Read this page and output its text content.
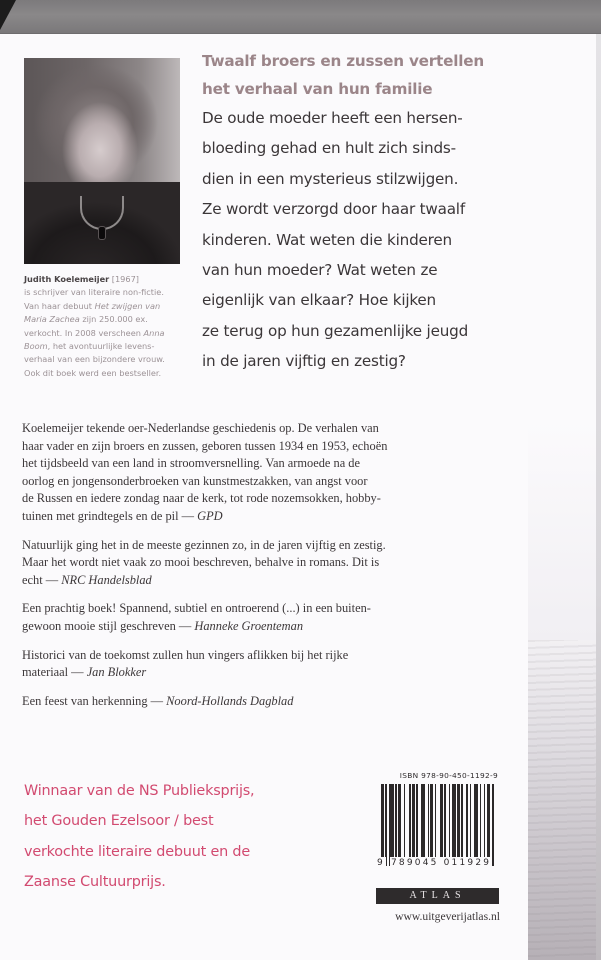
Judith Koelemeijer [1967]
is schrijver van literaire non-fictie.
Van haar debuut Het zwijgen van
Maria Zachea zijn 250.000 ex.
verkocht. In 2008 verscheen Anna
Boom, het avontuurlijke levens-
verhaal van een bijzondere vrouw.
Ook dit boek werd een bestseller.
Twaalf broers en zussen vertellen
het verhaal van hun familie
De oude moeder heeft een hersen-
bloeding gehad en hult zich sinds-
dien in een mysterieus stilzwijgen.
Ze wordt verzorgd door haar twaalf
kinderen. Wat weten die kinderen
van hun moeder? Wat weten ze
eigenlijk van elkaar? Hoe kijken
ze terug op hun gezamenlijke jeugd
in de jaren vijftig en zestig?
Koelemeijer tekende oer-Nederlandse geschiedenis op. De verhalen van
haar vader en zijn broers en zussen, geboren tussen 1934 en 1953, echoën
het tijdsbeeld van een land in stroomversnelling. Van armoede na de
oorlog en jongensonderbroeken van kunstmestzakken, van angst voor
de Russen en iedere zondag naar de kerk, tot rode nozemsokken, hobby-
tuinen met grindtegels en de pil — GPD
Natuurlijk ging het in de meeste gezinnen zo, in de jaren vijftig en zestig.
Maar het wordt niet vaak zo mooi beschreven, behalve in romans. Dit is
echt — NRC Handelsblad
Een prachtig boek! Spannend, subtiel en ontroerend (...) in een buiten-
gewoon mooie stijl geschreven — Hanneke Groenteman
Historici van de toekomst zullen hun vingers aflikken bij het rijke
materiaal — Jan Blokker
Een feest van herkenning — Noord-Hollands Dagblad
Winnaar van de NS Publieksprijs,
het Gouden Ezelsoor / best
verkochte literaire debuut en de
Zaanse Cultuurprijs.
ISBN 978-90-450-1192-9
9 789045 011929
ATLAS
www.uitgeverijatlas.nl
